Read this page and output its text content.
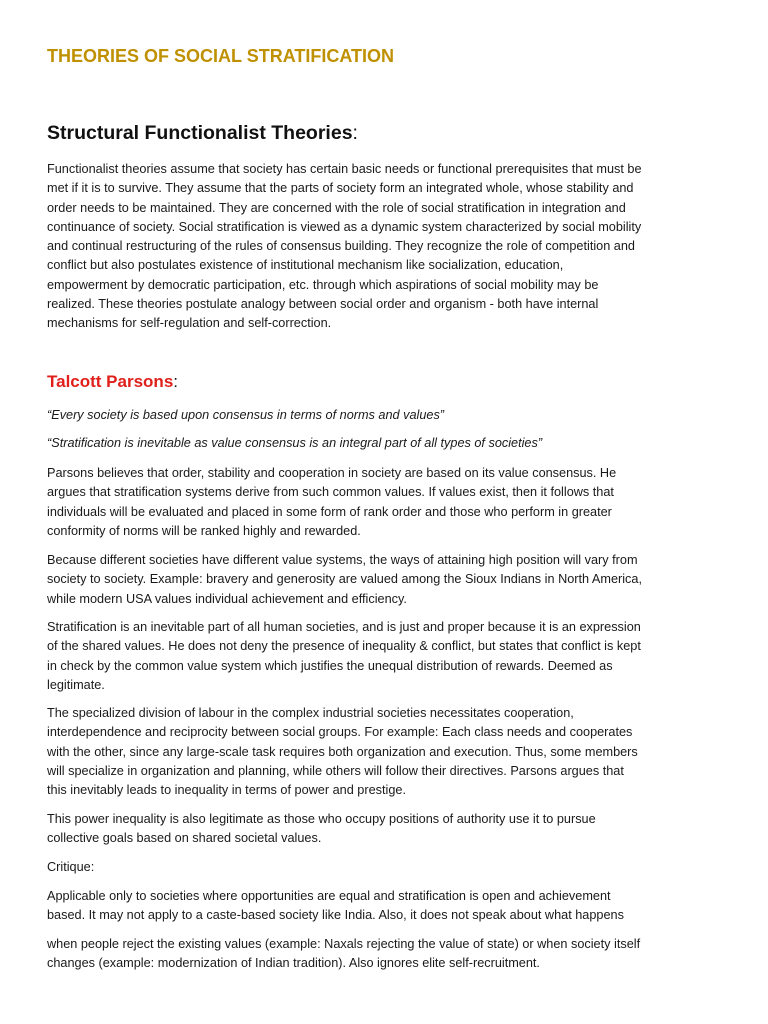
THEORIES OF SOCIAL STRATIFICATION
Structural Functionalist Theories:

Functionalist theories assume that society has certain basic needs or functional prerequisites that must be
met if it is to survive. They assume that the parts of society form an integrated whole, whose stability and
order needs to be maintained. They are concerned with the role of social stratification in integration and
continuance of society. Social stratification is viewed as a dynamic system characterized by social mobility
and continual restructuring of the rules of consensus building. They recognize the role of competition and
conflict but also postulates existence of institutional mechanism like socialization, education,
empowerment by democratic participation, etc. through which aspirations of social mobility may be
realized. These theories postulate analogy between social order and organism - both have internal
mechanisms for self-regulation and self-correction.

Talcott Parsons:

“Every society is based upon consensus in terms of norms and values”

“Stratification is inevitable as value consensus is an integral part of all types of societies”

Parsons believes that order, stability and cooperation in society are based on its value consensus. He
argues that stratification systems derive from such common values. If values exist, then it follows that
individuals will be evaluated and placed in some form of rank order and those who perform in greater
conformity of norms will be ranked highly and rewarded.

Because different societies have different value systems, the ways of attaining high position will vary from
society to society. Example: bravery and generosity are valued among the Sioux Indians in North America,
while modern USA values individual achievement and efficiency.

Stratification is an inevitable part of all human societies, and is just and proper because it is an expression
of the shared values. He does not deny the presence of inequality & conflict, but states that conflict is kept
in check by the common value system which justifies the unequal distribution of rewards. Deemed as
legitimate.

The specialized division of labour in the complex industrial societies necessitates cooperation,
interdependence and reciprocity between social groups. For example: Each class needs and cooperates
with the other, since any large-scale task requires both organization and execution. Thus, some members
will specialize in organization and planning, while others will follow their directives. Parsons argues that
this inevitably leads to inequality in terms of power and prestige.

This power inequality is also legitimate as those who occupy positions of authority use it to pursue
collective goals based on shared societal values.

Critique:

Applicable only to societies where opportunities are equal and stratification is open and achievement
based. It may not apply to a caste-based society like India. Also, it does not speak about what happens

when people reject the existing values (example: Naxals rejecting the value of state) or when society itself
changes (example: modernization of Indian tradition). Also ignores elite self-recruitment.
